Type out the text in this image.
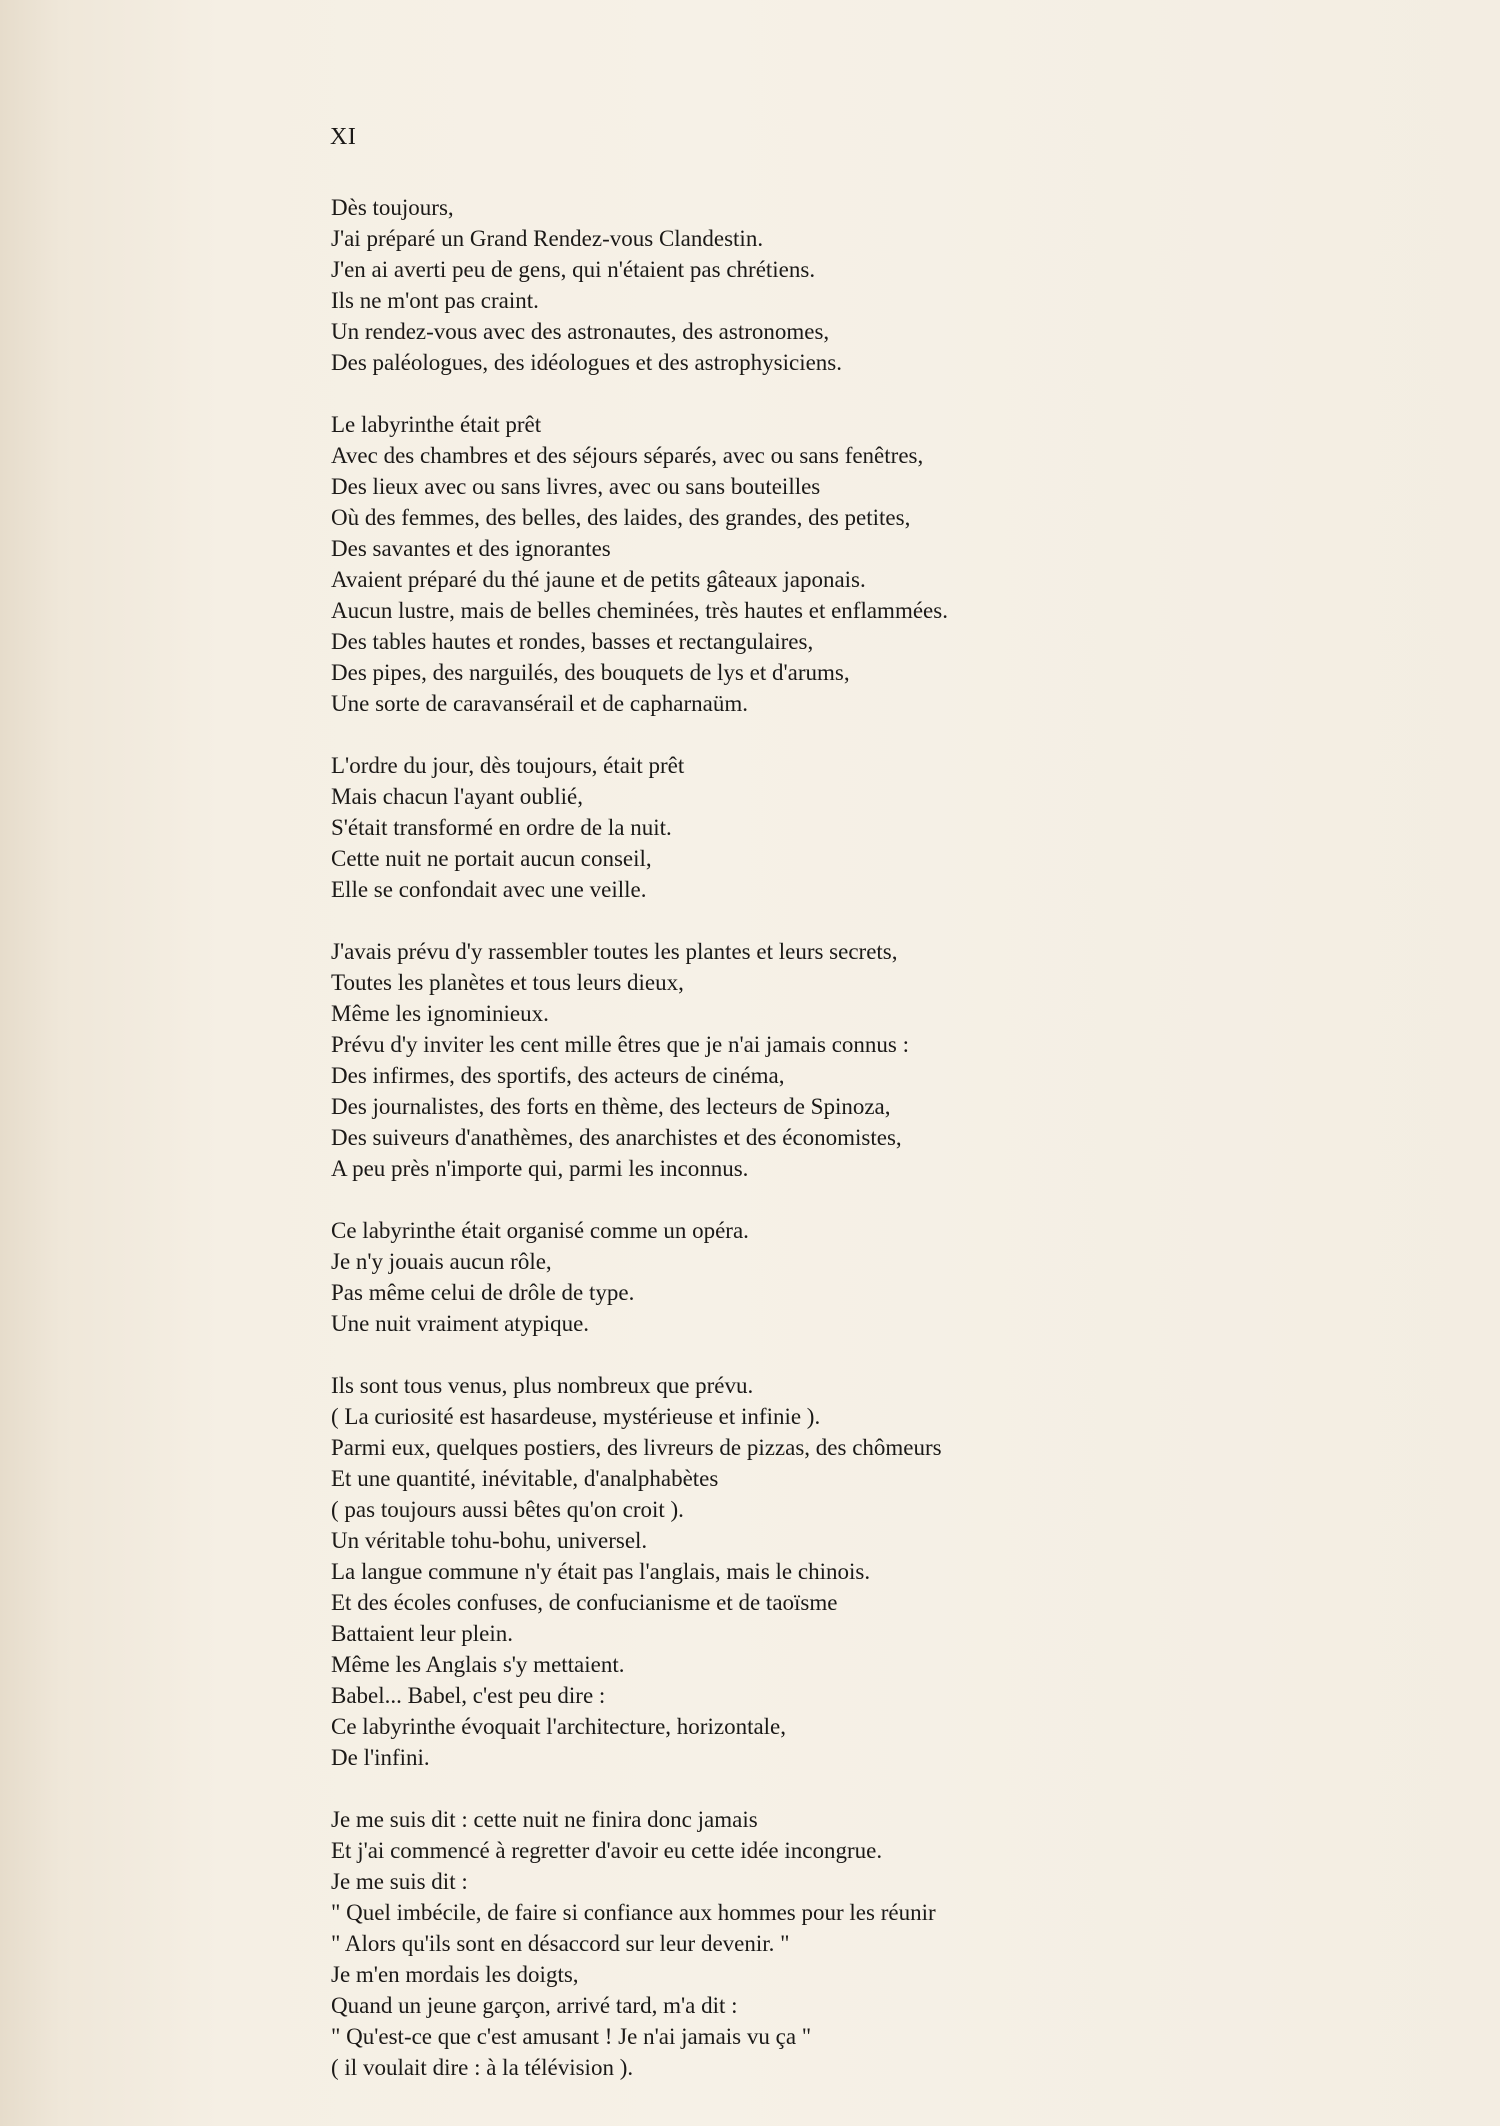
XI
Dès toujours,
J'ai préparé un Grand Rendez-vous Clandestin.
J'en ai averti peu de gens, qui n'étaient pas chrétiens.
Ils ne m'ont pas craint.
Un rendez-vous avec des astronautes, des astronomes,
Des paléologues, des idéologues et des astrophysiciens.
Le labyrinthe était prêt
Avec des chambres et des séjours séparés, avec ou sans fenêtres,
Des lieux avec ou sans livres, avec ou sans bouteilles
Où des femmes, des belles, des laides, des grandes, des petites,
Des savantes et des ignorantes
Avaient préparé du thé jaune et de petits gâteaux japonais.
Aucun lustre, mais de belles cheminées, très hautes et enflammées.
Des tables hautes et rondes, basses et rectangulaires,
Des pipes, des narguilés, des bouquets de lys et d'arums,
Une sorte de caravansérail et de capharnaüm.
L'ordre du jour, dès toujours, était prêt
Mais chacun l'ayant oublié,
S'était transformé en ordre de la nuit.
Cette nuit ne portait aucun conseil,
Elle se confondait avec une veille.
J'avais prévu d'y rassembler toutes les plantes et leurs secrets,
Toutes les planètes et tous leurs dieux,
Même les ignominieux.
Prévu d'y inviter les cent mille êtres que je n'ai jamais connus :
Des infirmes, des sportifs, des acteurs de cinéma,
Des journalistes, des forts en thème, des lecteurs de Spinoza,
Des suiveurs d'anathèmes, des anarchistes et des économistes,
A peu près n'importe qui, parmi les inconnus.
Ce labyrinthe était organisé comme un opéra.
Je n'y jouais aucun rôle,
Pas même celui de drôle de type.
Une nuit vraiment atypique.
Ils sont tous venus, plus nombreux que prévu.
( La curiosité est hasardeuse, mystérieuse et infinie ).
Parmi eux, quelques postiers, des livreurs de pizzas, des chômeurs
Et une quantité, inévitable, d'analphabètes
( pas toujours aussi bêtes qu'on croit ).
Un véritable tohu-bohu, universel.
La langue commune n'y était pas l'anglais, mais le chinois.
Et des écoles confuses, de confucianisme et de taoïsme
Battaient leur plein.
Même les Anglais s'y mettaient.
Babel... Babel, c'est peu dire :
Ce labyrinthe évoquait l'architecture, horizontale,
De l'infini.
Je me suis dit : cette nuit ne finira donc jamais
Et j'ai commencé à regretter d'avoir eu cette idée incongrue.
Je me suis dit :
" Quel imbécile, de faire si confiance aux hommes pour les réunir
" Alors qu'ils sont en désaccord sur leur devenir. "
Je m'en mordais les doigts,
Quand un jeune garçon, arrivé tard, m'a dit :
" Qu'est-ce que c'est amusant ! Je n'ai jamais vu ça "
( il voulait dire : à la télévision ).
